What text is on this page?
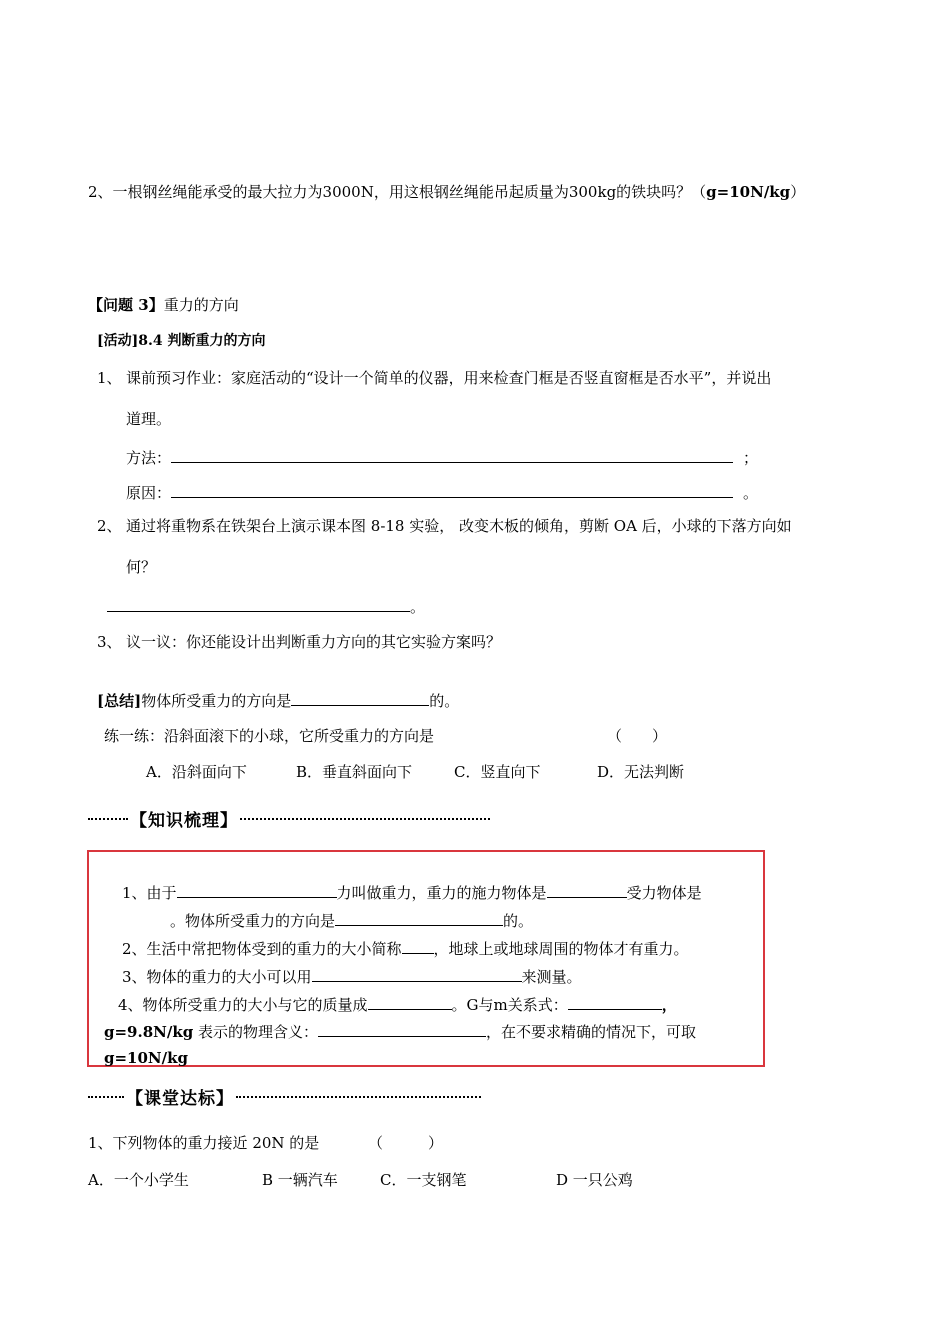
2、一根钢丝绳能承受的最大拉力为3000N，用这根钢丝绳能吊起质量为300kg的铁块吗？（g=10N/kg）
【问题 3】重力的方向
[活动]8.4 判断重力的方向
1、 课前预习作业：家庭活动的“设计一个简单的仪器，用来检查门框是否竖直窗框是否水平”，并说出
道理。
方法：	；
原因：	。
2、 通过将重物系在铁架台上演示课本图 8-18 实验， 改变木板的倾角，剪断 OA 后，小球的下落方向如
何？
。
3、 议一议：你还能设计出判断重力方向的其它实验方案吗？
[总结]物体所受重力的方向是	的。
练一练：沿斜面滚下的小球，它所受重力的方向是	（　　）
A．沿斜面向下	B．垂直斜面向下	C．竖直向下	D．无法判断
【知识梳理】
1、由于	力叫做重力，重力的施力物体是	受力物体是
。物体所受重力的方向是	的。
2、生活中常把物体受到的重力的大小简称 ，地球上或地球周围的物体才有重力。
3、物体的重力的大小可以用	来测量。
4、物体所受重力的大小与它的质量成	。G与m关系式：	，
g=9.8N/kg 表示的物理含义：	，在不要求精确的情况下，可取
g=10N/kg
【课堂达标】
1、下列物体的重力接近 20N 的是	（　　　）
A．一个小学生	B 一辆汽车	C．一支钢笔	D 一只公鸡
